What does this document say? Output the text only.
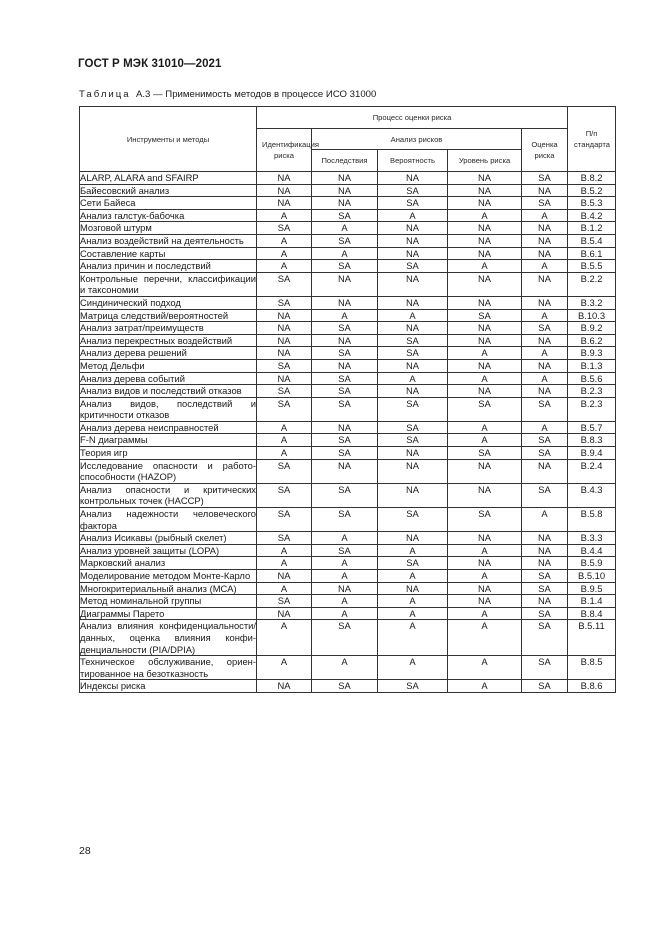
ГОСТ Р МЭК 31010—2021
Таблица А.3 — Применимость методов в процессе ИСО 31000
Инструменты и методы	Процесс оценки риска					П/п стандарта
	Идентификация риска	Анализ рисков			Оценка риска	
		Последствия	Вероятность	Уровень риска		
ALARP, ALARA and SFAIRP	NA	NA	NA	NA	SA	B.8.2
Байесовский анализ	NA	NA	SA	NA	NA	B.5.2
Сети Байеса	NA	NA	SA	NA	SA	B.5.3
Анализ галстук-бабочка	A	SA	A	A	A	B.4.2
Мозговой штурм	SA	A	NA	NA	NA	B.1.2
Анализ воздействий на деятельность	A	SA	NA	NA	NA	B.5.4
Составление карты	A	A	NA	NA	NA	B.6.1
Анализ причин и последствий	A	SA	SA	A	A	B.5.5
Контрольные перечни, классификации и таксономии	SA	NA	NA	NA	NA	B.2.2
Синдинический подход	SA	NA	NA	NA	NA	B.3.2
Матрица следствий/вероятностей	NA	A	A	SA	A	B.10.3
Анализ затрат/преимуществ	NA	SA	NA	NA	SA	B.9.2
Анализ перекрестных воздействий	NA	NA	SA	NA	NA	B.6.2
Анализ дерева решений	NA	SA	SA	A	A	B.9.3
Метод Дельфи	SA	NA	NA	NA	NA	B.1.3
Анализ дерева событий	NA	SA	A	A	A	B.5.6
Анализ видов и последствий отказов	SA	SA	NA	NA	NA	B.2.3
Анализ видов, последствий и критичности отказов	SA	SA	SA	SA	SA	B.2.3
Анализ дерева неисправностей	A	NA	SA	A	A	B.5.7
F-N диаграммы	A	SA	SA	A	SA	B.8.3
Теория игр	A	SA	NA	SA	SA	B.9.4
Исследование опасности и работоспособности (HAZOP)	SA	NA	NA	NA	NA	B.2.4
Анализ опасности и критических контрольных точек (HACCP)	SA	SA	NA	NA	SA	B.4.3
Анализ надежности человеческого фактора	SA	SA	SA	SA	A	B.5.8
Анализ Исикавы (рыбный скелет)	SA	A	NA	NA	NA	B.3.3
Анализ уровней защиты (LOPA)	A	SA	A	A	NA	B.4.4
Марковский анализ	A	A	SA	NA	NA	B.5.9
Моделирование методом Монте-Карло	NA	A	A	A	SA	B.5.10
Многокритериальный анализ (MCA)	A	NA	NA	NA	SA	B.9.5
Метод номинальной группы	SA	A	A	NA	NA	B.1.4
Диаграммы Парето	NA	A	A	A	SA	B.8.4
Анализ влияния конфиденциальности/данных, оценка влияния конфиденциальности (PIA/DPIA)	A	SA	A	A	SA	B.5.11
Техническое обслуживание, ориентированное на безотказность	A	A	A	A	SA	B.8.5
Индексы риска	NA	SA	SA	A	SA	B.8.6
28
